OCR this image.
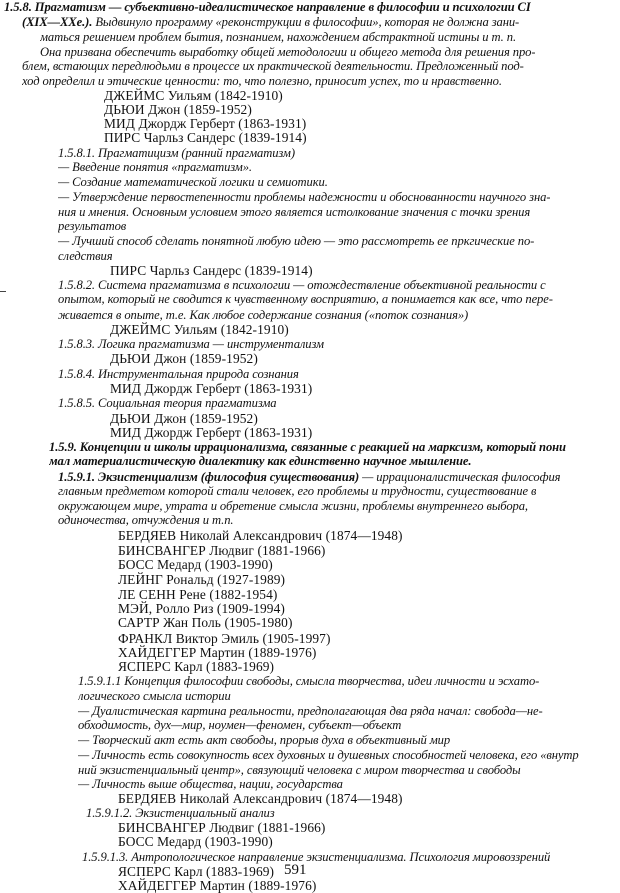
1.5.8. Прагматизм — субъективно-идеалистическое направление в философии и психологии СI
(XIX—XXе.). Выдвинуло программу «реконструкции в философии», которая не должна зани-
маться решением проблем бытия, познанием, нахождением абстрактной истины и т. п.
Она призвана обеспечить выработку общей методологии и общего метода для решения про-
блем, встающих передлюдьми в процессе их практической деятельности. Предложенный под-
ход определил и этические ценности: то, что полезно, приносит успех, то и нравственно.
ДЖЕЙМС Уильям (1842-1910)
ДЬЮИ Джон (1859-1952)
МИД Джордж Герберт (1863-1931)
ПИРС Чарльз Сандерс (1839-1914)
1.5.8.1. Прагматицизм (ранний прагматизм)
— Введение понятия «прагматизм».
— Создание математической логики и семиотики.
— Утверждение первостепенности проблемы надежности и обоснованности научного зна-
ния и мнения. Основным условием этого является истолкование значения с точки зрения
результатов
— Лучший способ сделать понятной любую идею — это рассмотреть ее пркгические по-
следствия
ПИРС Чарльз Сандерс (1839-1914)
1.5.8.2. Система прагматизма в психологии — отождествление объективной реальности с
опытом, который не сводится к чувственному восприятию, а понимается как все, что пере-
живается в опыте, т.е. Как любое содержание сознания («поток сознания»)
ДЖЕЙМС Уильям (1842-1910)
1.5.8.3. Логика прагматизма — инструментализм
ДЬЮИ Джон (1859-1952)
1.5.8.4. Инструментальная природа сознания
МИД Джордж Герберт (1863-1931)
1.5.8.5. Социальная теория прагматизма
ДЬЮИ Джон (1859-1952)
МИД Джордж Герберт (1863-1931)
1.5.9. Концепции и школы иррационализма, связанные с реакцией на марксизм, который пони
мал материалистическую диалектику как единственно научное мышление.
1.5.9.1. Экзистенциализм (философия существования) — иррационалистическая философия
главным предметом которой стали человек, его проблемы и трудности, существование в
окружающем мире, утрата и обретение смысла жизни, проблемы внутреннего выбора,
одиночества, отчуждения и т.п.
БЕРДЯЕВ Николай Александрович (1874—1948)
БИНСВАНГЕР Людвиг (1881-1966)
БОСС Медард (1903-1990)
ЛЕЙНГ Рональд (1927-1989)
ЛЕ СЕНН Рене (1882-1954)
МЭЙ, Ролло Риз (1909-1994)
САРТР Жан Поль (1905-1980)
ФРАНКЛ Виктор Эмиль (1905-1997)
ХАЙДЕГГЕР Мартин (1889-1976)
ЯСПЕРС Карл (1883-1969)
1.5.9.1.1 Концепция философии свободы, смысла творчества, идеи личности и эсхато-
логического смысла истории
— Дуалистическая картина реальности, предполагающая два ряда начал: свобода—не-
обходимость, дух—мир, ноумен—феномен, субъект—объект
— Творческий акт есть акт свободы, прорыв духа в объективный мир
— Личность есть совокупность всех духовных и душевных способностей человека, его «внутр
ний экзистенциальный центр», связующий человека с миром творчества и свободы
— Личность выше общества, нации, государства
БЕРДЯЕВ Николай Александрович (1874—1948)
1.5.9.1.2. Экзистенциальный анализ
БИНСВАНГЕР Людвиг (1881-1966)
БОСС Медард (1903-1990)
1.5.9.1.3. Антропологическое направление экзистенциализма. Психология мировоззрений
ЯСПЕРС Карл (1883-1969)
ХАЙДЕГГЕР Мартин (1889-1976)
591
